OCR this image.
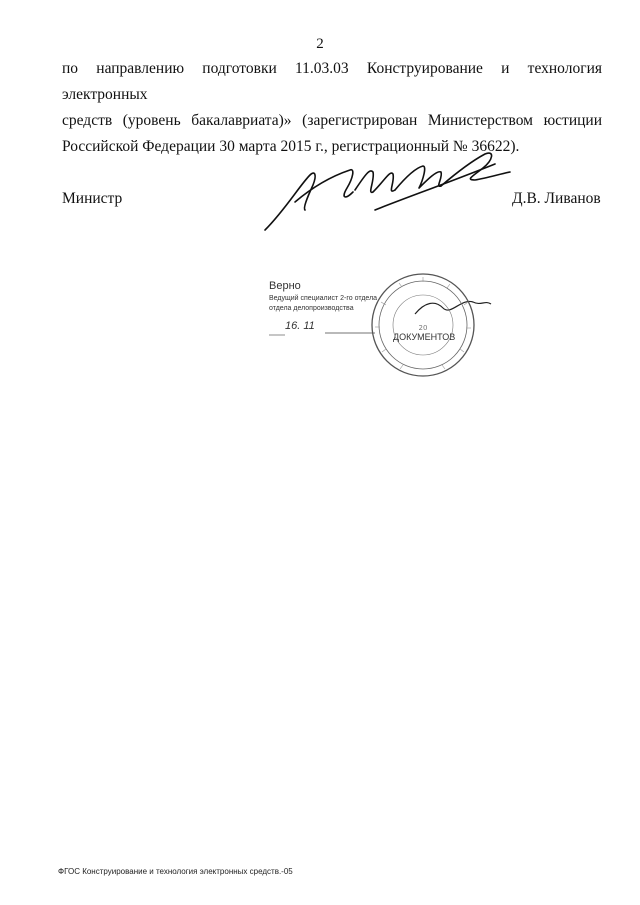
2
по направлению подготовки 11.03.03 Конструирование и технология электронных
средств (уровень бакалавриата)» (зарегистрирован Министерством юстиции
Российской Федерации 30 марта 2015 г., регистрационный № 36622).
Министр	Д.В. Ливанов
Верно
Ведущий специалист 2-го отдела
отдела делопроизводства
16. 11
ДОКУМЕНТОВ
20
ФГОС Конструирование и технология электронных средств.-05
